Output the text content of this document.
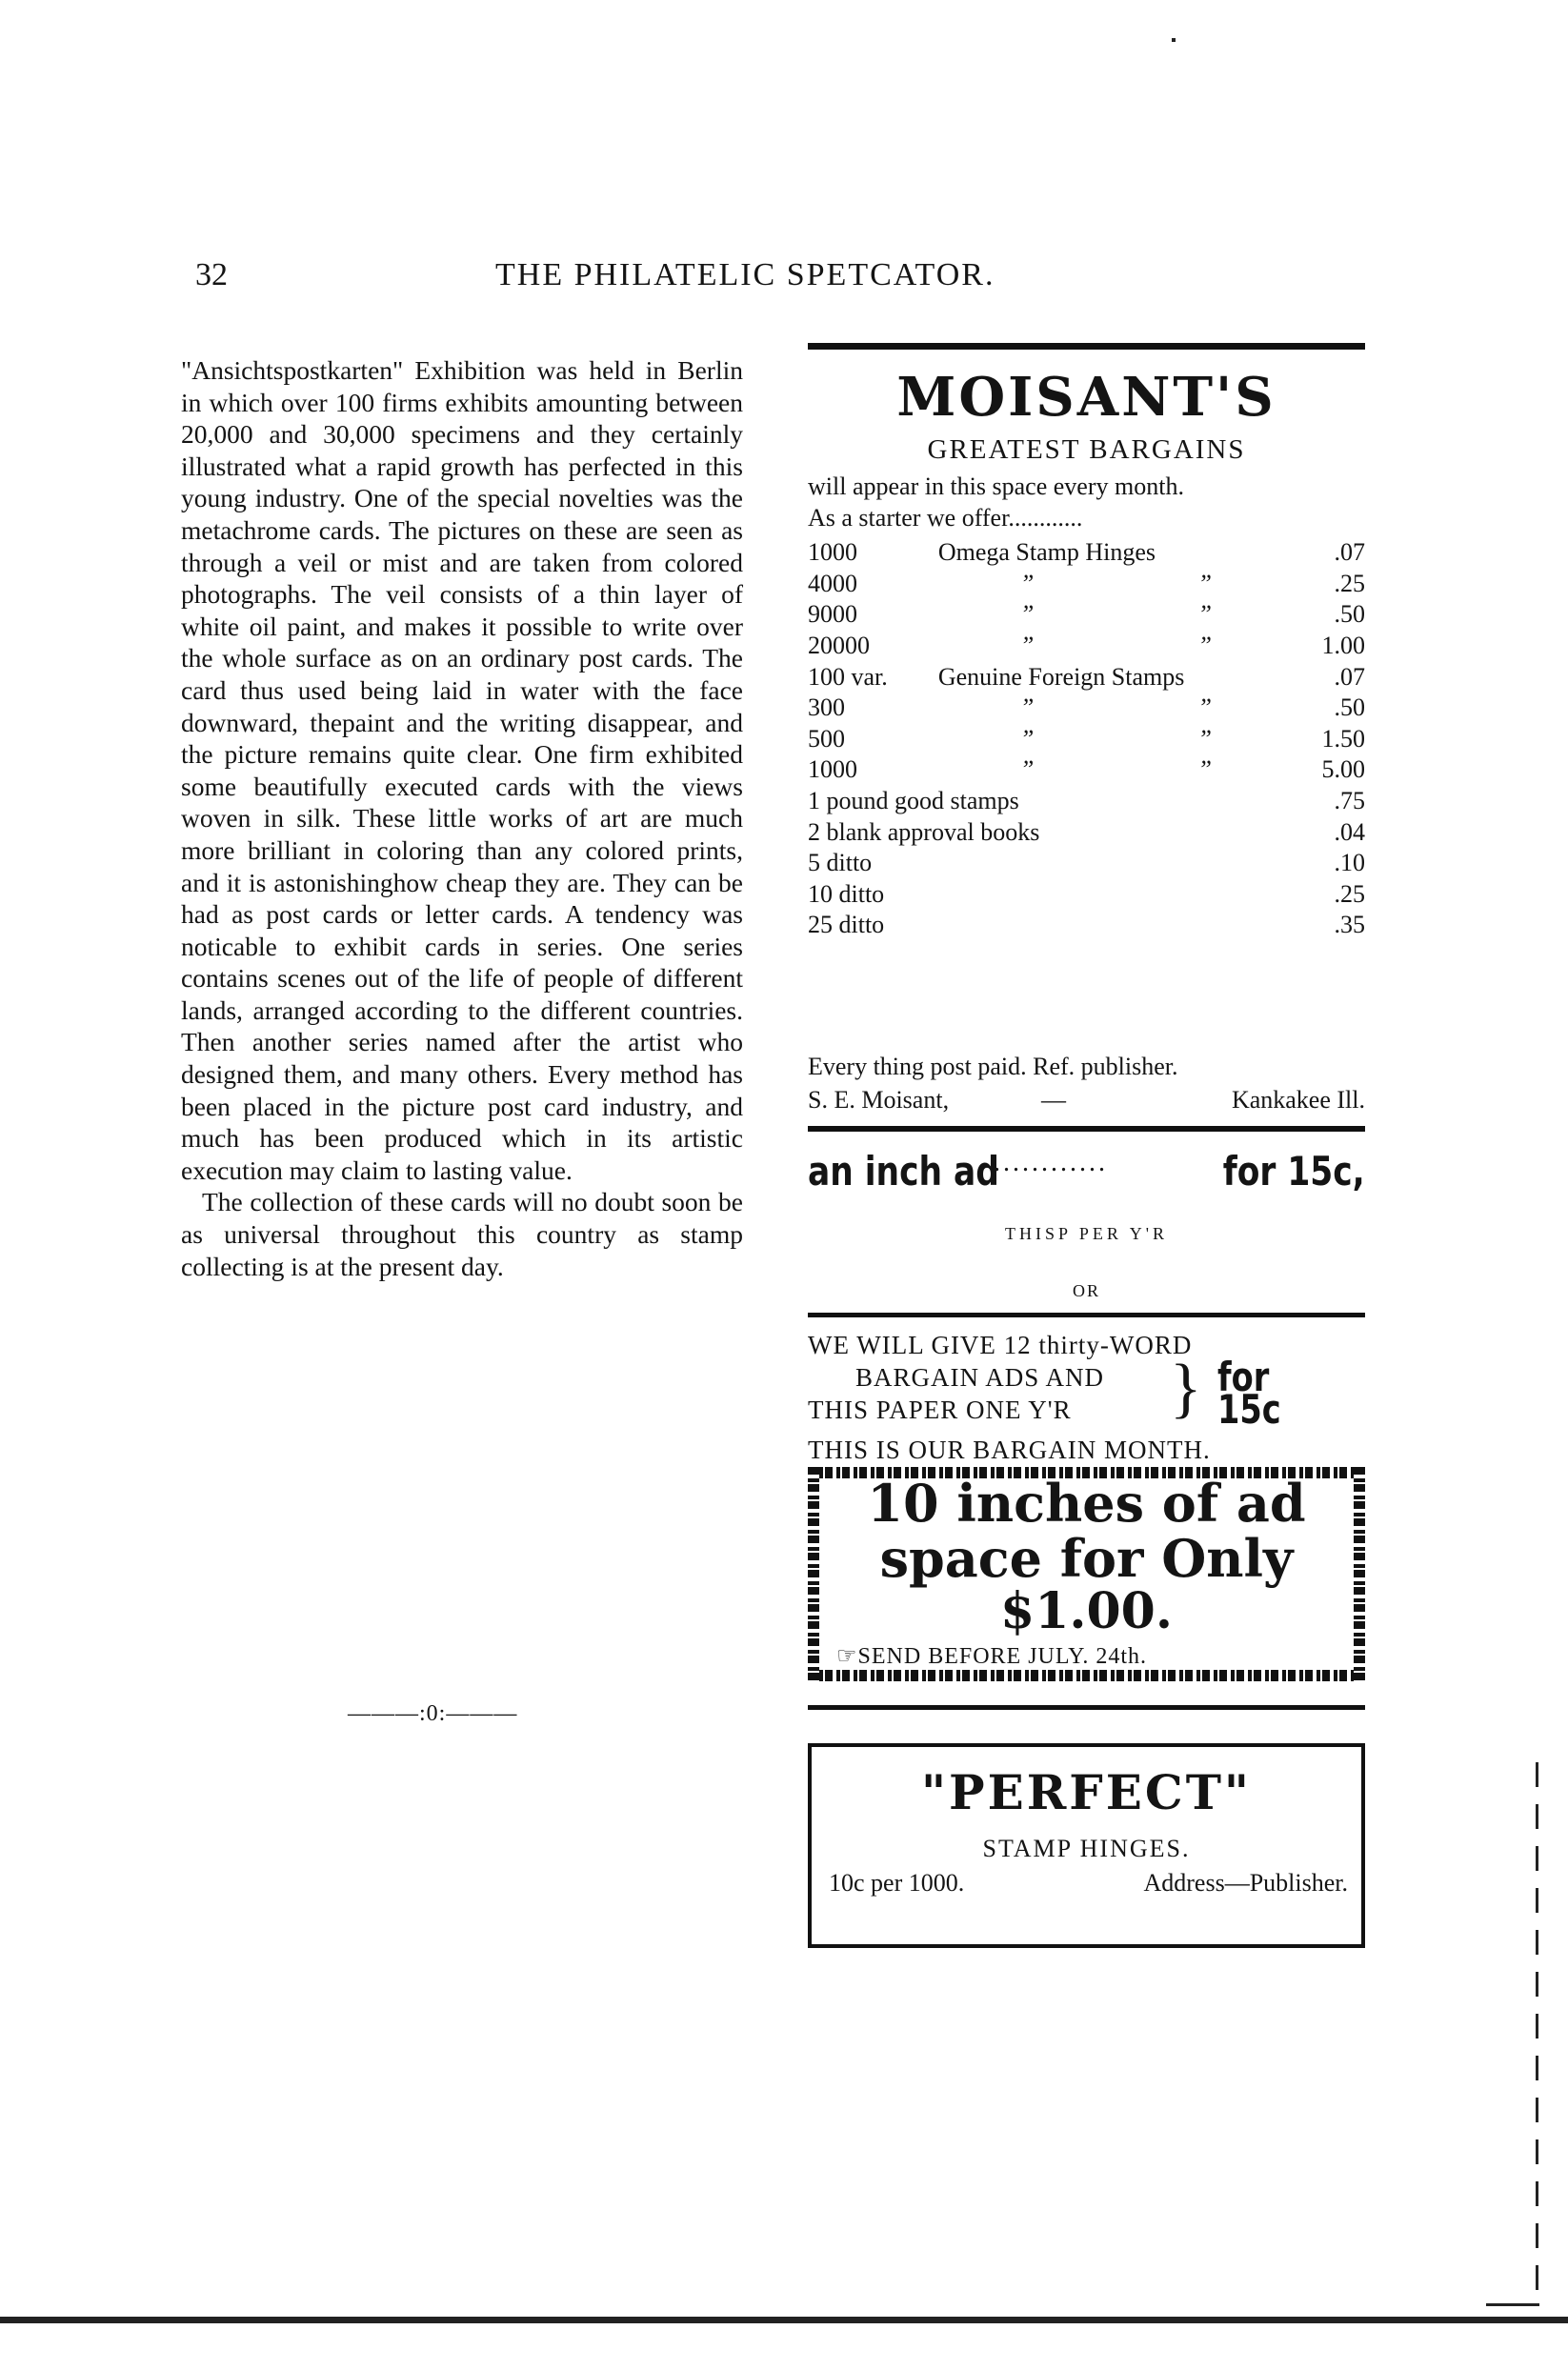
32	THE PHILATELIC SPETCATOR.

"Ansichtspostkarten" Exhibition was held in Berlin in which over 100 firms exhibits amounting between 20,000 and 30,000 specimens and they certainly illustrated what a rapid growth has perfected in this young industry. One of the special novelties was the metachrome cards. The pictures on these are seen as through a veil or mist and are taken from colored photographs. The veil consists of a thin layer of white oil paint, and makes it possible to write over the whole surface as on an ordinary post cards. The card thus used being laid in water with the face downward, thepaint and the writing disappear, and the picture remains quite clear. One firm exhibited some beautifully executed cards with the views woven in silk. These little works of art are much more brilliant in coloring than any colored prints, and it is astonishinghow cheap they are. They can be had as post cards or letter cards. A tendency was noticable to exhibit cards in series. One series contains scenes out of the life of people of different lands, arranged according to the different countries. Then another series named after the artist who designed them, and many others. Every method has been placed in the picture post card industry, and much has been produced which in its artistic execution may claim to lasting value.

The collection of these cards will no doubt soon be as universal throughout this country as stamp collecting is at the present day.

———:0:———
MOISANT'S
GREATEST BARGAINS
will appear in this space every month.
As a starter we offer............
1000	Omega Stamp Hinges		.07
4000	”	”	.25
9000	”	”	.50
20000	”	”	1.00
100 var.	Genuine Foreign Stamps		.07
300	”	”	.50
500	”	”	1.50
1000	”	”	5.00
1 pound good stamps			.75
2 blank approval books			.04
5 ditto			.10
10 ditto			.25
25 ditto			.35
Every thing post paid. Ref. publisher.
S. E. Moisant,	—	Kankakee Ill.
an inch ad
............	for 15c,
THISP PER Y'R
OR
WE WILL GIVE 12 thirty-WORD
BARGAIN ADS AND
THIS PAPER ONE Y'R } for 15c
THIS IS OUR BARGAIN MONTH.
10 inches of ad
space for Only
$1.00.
☞SEND BEFORE JULY. 24th.
"PERFECT"
STAMP HINGES.
10c per 1000.	Address—Publisher.
